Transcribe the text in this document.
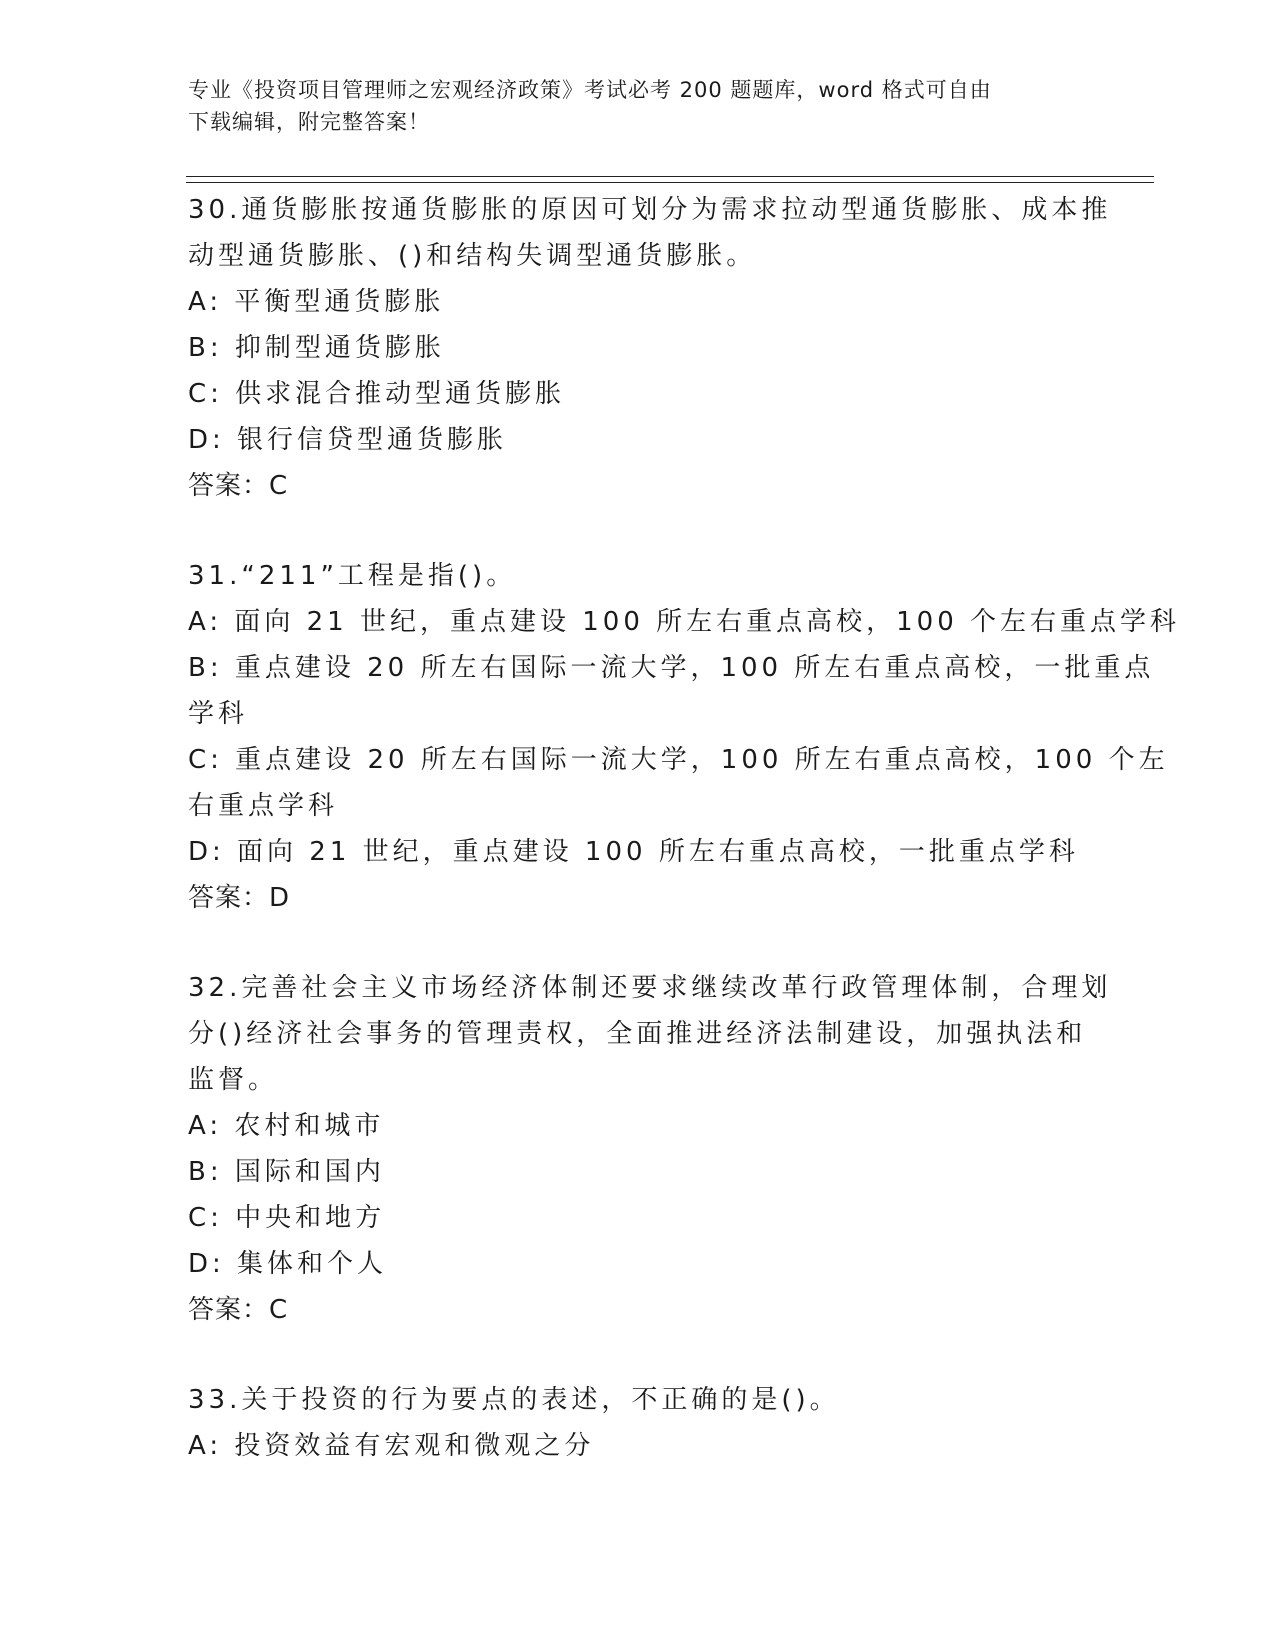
专业《投资项目管理师之宏观经济政策》考试必考 200 题题库，word 格式可自由
下载编辑，附完整答案！
30.通货膨胀按通货膨胀的原因可划分为需求拉动型通货膨胀、成本推
动型通货膨胀、()和结构失调型通货膨胀。
A: 平衡型通货膨胀
B: 抑制型通货膨胀
C: 供求混合推动型通货膨胀
D: 银行信贷型通货膨胀
答案：C
31.“211”工程是指()。
A: 面向 21 世纪，重点建设 100 所左右重点高校，100 个左右重点学科
B: 重点建设 20 所左右国际一流大学，100 所左右重点高校，一批重点
学科
C: 重点建设 20 所左右国际一流大学，100 所左右重点高校，100 个左
右重点学科
D: 面向 21 世纪，重点建设 100 所左右重点高校，一批重点学科
答案：D
32.完善社会主义市场经济体制还要求继续改革行政管理体制，合理划
分()经济社会事务的管理责权，全面推进经济法制建设，加强执法和
监督。
A: 农村和城市
B: 国际和国内
C: 中央和地方
D: 集体和个人
答案：C
33.关于投资的行为要点的表述，不正确的是()。
A: 投资效益有宏观和微观之分
